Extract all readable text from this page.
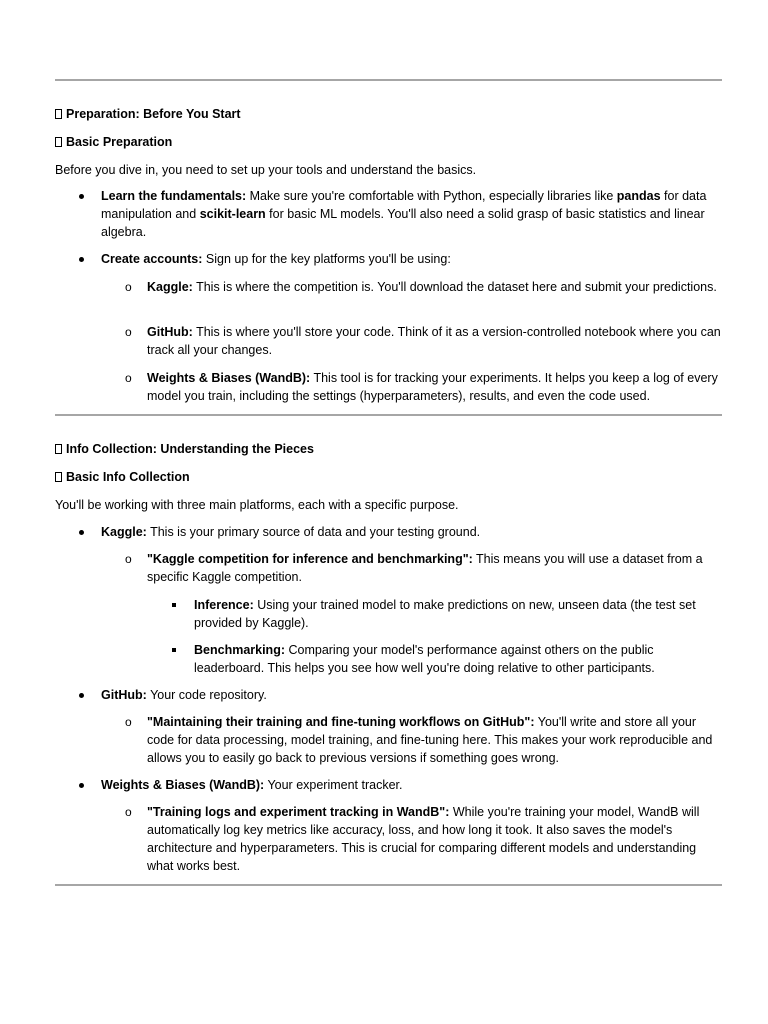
Preparation: Before You Start
Basic Preparation
Before you dive in, you need to set up your tools and understand the basics.
Learn the fundamentals: Make sure you're comfortable with Python, especially libraries like pandas for data manipulation and scikit-learn for basic ML models. You'll also need a solid grasp of basic statistics and linear algebra.
Create accounts: Sign up for the key platforms you'll be using:
o Kaggle: This is where the competition is. You'll download the dataset here and submit your predictions.
o GitHub: This is where you'll store your code. Think of it as a version-controlled notebook where you can track all your changes.
o Weights & Biases (WandB): This tool is for tracking your experiments. It helps you keep a log of every model you train, including the settings (hyperparameters), results, and even the code used.
Info Collection: Understanding the Pieces
Basic Info Collection
You'll be working with three main platforms, each with a specific purpose.
Kaggle: This is your primary source of data and your testing ground.
o "Kaggle competition for inference and benchmarking": This means you will use a dataset from a specific Kaggle competition.
Inference: Using your trained model to make predictions on new, unseen data (the test set provided by Kaggle).
Benchmarking: Comparing your model's performance against others on the public leaderboard. This helps you see how well you're doing relative to other participants.
GitHub: Your code repository.
o "Maintaining their training and fine-tuning workflows on GitHub": You'll write and store all your code for data processing, model training, and fine-tuning here. This makes your work reproducible and allows you to easily go back to previous versions if something goes wrong.
Weights & Biases (WandB): Your experiment tracker.
o "Training logs and experiment tracking in WandB": While you're training your model, WandB will automatically log key metrics like accuracy, loss, and how long it took. It also saves the model's architecture and hyperparameters. This is crucial for comparing different models and understanding what works best.
